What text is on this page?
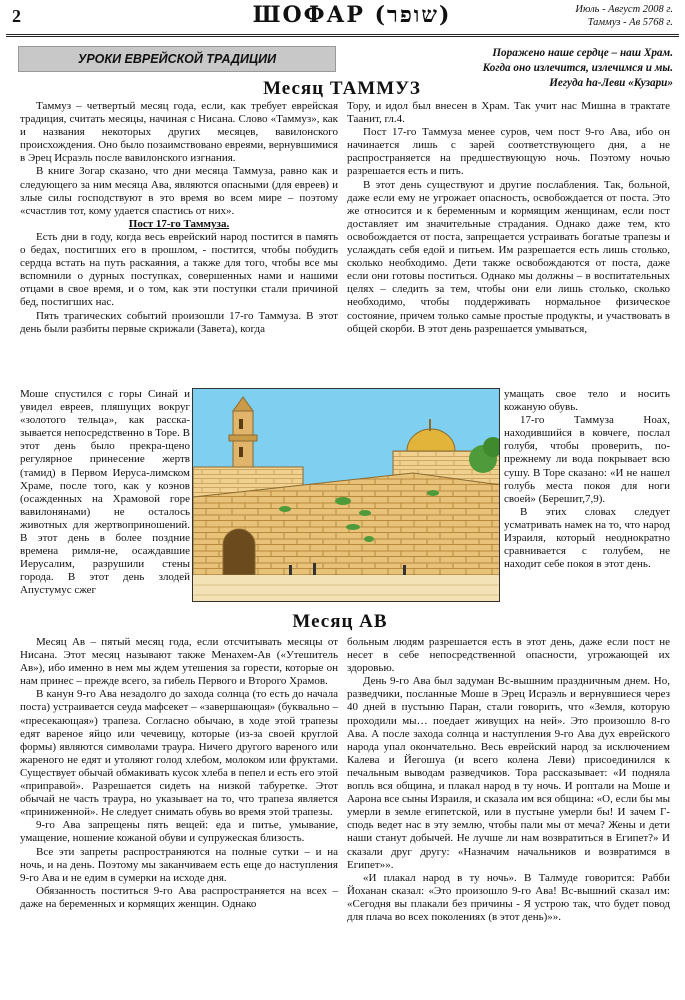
2	ШОФАР (שופר)	Июль - Август 2008 г.
Таммуз - Ав 5768 г.
УРОКИ ЕВРЕЙСКОЙ ТРАДИЦИИ	Поражено наше сердце – наш Храм.
Когда оно излечится, излечимся и мы.
Иегуда ha-Леви «Кузари»
Месяц ТАММУЗ

Таммуз – четвертый месяц года, если, как требует еврейская традиция, считать месяцы, начиная с Нисана. Слово «Таммуз», как и названия некоторых других месяцев, вавилонского происхождения. Оно было позаимствовано евреями, вернувшимися в Эрец Исраэль после вавилонского изгнания.

В книге Зогар сказано, что дни месяца Таммуза, равно как и следующего за ним месяца Ава, являются опасными (для евреев) и злые силы господствуют в это время во всем мире – поэтому «счастлив тот, кому удается спастись от них».

Пост 17-го Таммуза.

Есть дни в году, когда весь еврейский народ постится в память о бедах, постигших его в прошлом, - постится, чтобы побудить сердца встать на путь раскаяния, а также для того, чтобы все мы вспомнили о дурных поступках, совершенных нами и нашими отцами в свое время, и о том, как эти поступки стали причиной бед, постигших нас.

Пять трагических событий произошли 17-го Таммуза. В этот день были разбиты первые скрижали (Завета), когда

Тору, и идол был внесен в Храм. Так учит нас Мишна в трактате Таанит, гл.4.

Пост 17-го Таммуза менее суров, чем пост 9-го Ава, ибо он начинается лишь с зарей соответствующего дня, а не распространяется на предшествующую ночь. Поэтому ночью разрешается есть и пить.

В этот день существуют и другие послабления. Так, больной, даже если ему не угрожает опасность, освобождается от поста. Это же относится и к беременным и кормящим женщинам, если пост доставляет им значительные страдания. Однако даже тем, кто освобождается от поста, запрещается устраивать богатые трапезы и услаждать себя едой и питьем. Им разрешается есть лишь столько, сколько необходимо. Дети также освобождаются от поста, даже если они готовы поститься. Однако мы должны – в воспитательных целях – следить за тем, чтобы они ели лишь столько, сколько необходимо, чтобы поддерживать нормальное физическое состояние, причем только самые простые продукты, и участвовать в общей скорби. В этот день разрешается умываться,

Моше спустился с горы Синай и увидел евреев, пляшущих вокруг «золотого тельца», как расска-зывается непосредственно в Торе. В этот день было прекра-щено регулярное принесение жертв (тамид) в Первом Иеруса-лимском Храме, после того, как у коэнов (осажденных на Храмовой горе вавилонянами) не осталось животных для жертвоприношений. В этот день в более поздние времена римля-не, осаждавшие Иерусалим, разрушили стены города. В этот день злодей Апустумус сжег

умащать свое тело и носить кожаную обувь.

17-го Таммуза Ноах, находившийся в ковчеге, послал голубя, чтобы проверить, по-прежнему ли вода покрывает всю сушу. В Торе сказано: «И не нашел голубь места покоя для ноги своей» (Берешит,7,9).

В этих словах следует усматривать намек на то, что народ Израиля, который неоднократно сравнивается с голубем, не находит себе покоя в этот день.

Месяц АВ

Месяц Ав – пятый месяц года, если отсчитывать месяцы от Нисана. Этот месяц называют также Менахем-Ав («Утешитель Ав»), ибо именно в нем мы ждем утешения за горести, которые он нам принес – прежде всего, за гибель Первого и Второго Храмов.

В канун 9-го Ава незадолго до захода солнца (то есть до начала поста) устраивается сеуда мафсекет – «завершающая» (буквально – «пресекающая») трапеза. Согласно обычаю, в ходе этой трапезы едят вареное яйцо или чечевицу, которые (из-за своей круглой формы) являются символами траура. Ничего другого вареного или жареного не едят и утоляют голод хлебом, молоком или фруктами. Существует обычай обмакивать кусок хлеба в пепел и есть его этой «приправой». Разрешается сидеть на низкой табуретке. Этот обычай не часть траура, но указывает на то, что трапеза является «приниженной». Не следует снимать обувь во время этой трапезы.

9-го Ава запрещены пять вещей: еда и питье, умывание, умащение, ношение кожаной обуви и супружеская близость.

Все эти запреты распространяются на полные сутки – и на ночь, и на день. Поэтому мы заканчиваем есть еще до наступления 9-го Ава и не едим в сумерки на исходе дня.

Обязанность поститься 9-го Ава распространяется на всех – даже на беременных и кормящих женщин. Однако

больным людям разрешается есть в этот день, даже если пост не несет в себе непосредственной опасности, угрожающей их здоровью.

День 9-го Ава был задуман Вс-вышним праздничным днем. Но, разведчики, посланные Моше в Эрец Исраэль и вернувшиеся через 40 дней в пустыню Паран, стали говорить, что «Земля, которую проходили мы… поедает живущих на ней». Это произошло 8-го Ава. А после захода солнца и наступления 9-го Ава дух еврейского народа упал окончательно. Весь еврейский народ за исключением Калева и Йегошуа (и всего колена Леви) присоединился к печальным выводам разведчиков. Тора рассказывает: «И подняла вопль вся община, и плакал народ в ту ночь. И роптали на Моше и Аарона все сыны Израиля, и сказала им вся община: «О, если бы мы умерли в земле египетской, или в пустыне умерли бы! И зачем Г-сподь ведет нас в эту землю, чтобы пали мы от меча? Жены и дети наши станут добычей. Не лучше ли нам возвратиться в Египет?» И сказали друг другу: «Назначим начальников и возвратимся в Египет»».

«И плакал народ в ту ночь». В Талмуде говорится: Рабби Йоханан сказал: «Это произошло 9-го Ава! Вс-вышний сказал им: «Сегодня вы плакали без причины - Я устрою так, что будет повод для плача во всех поколениях (в этот день)»».
